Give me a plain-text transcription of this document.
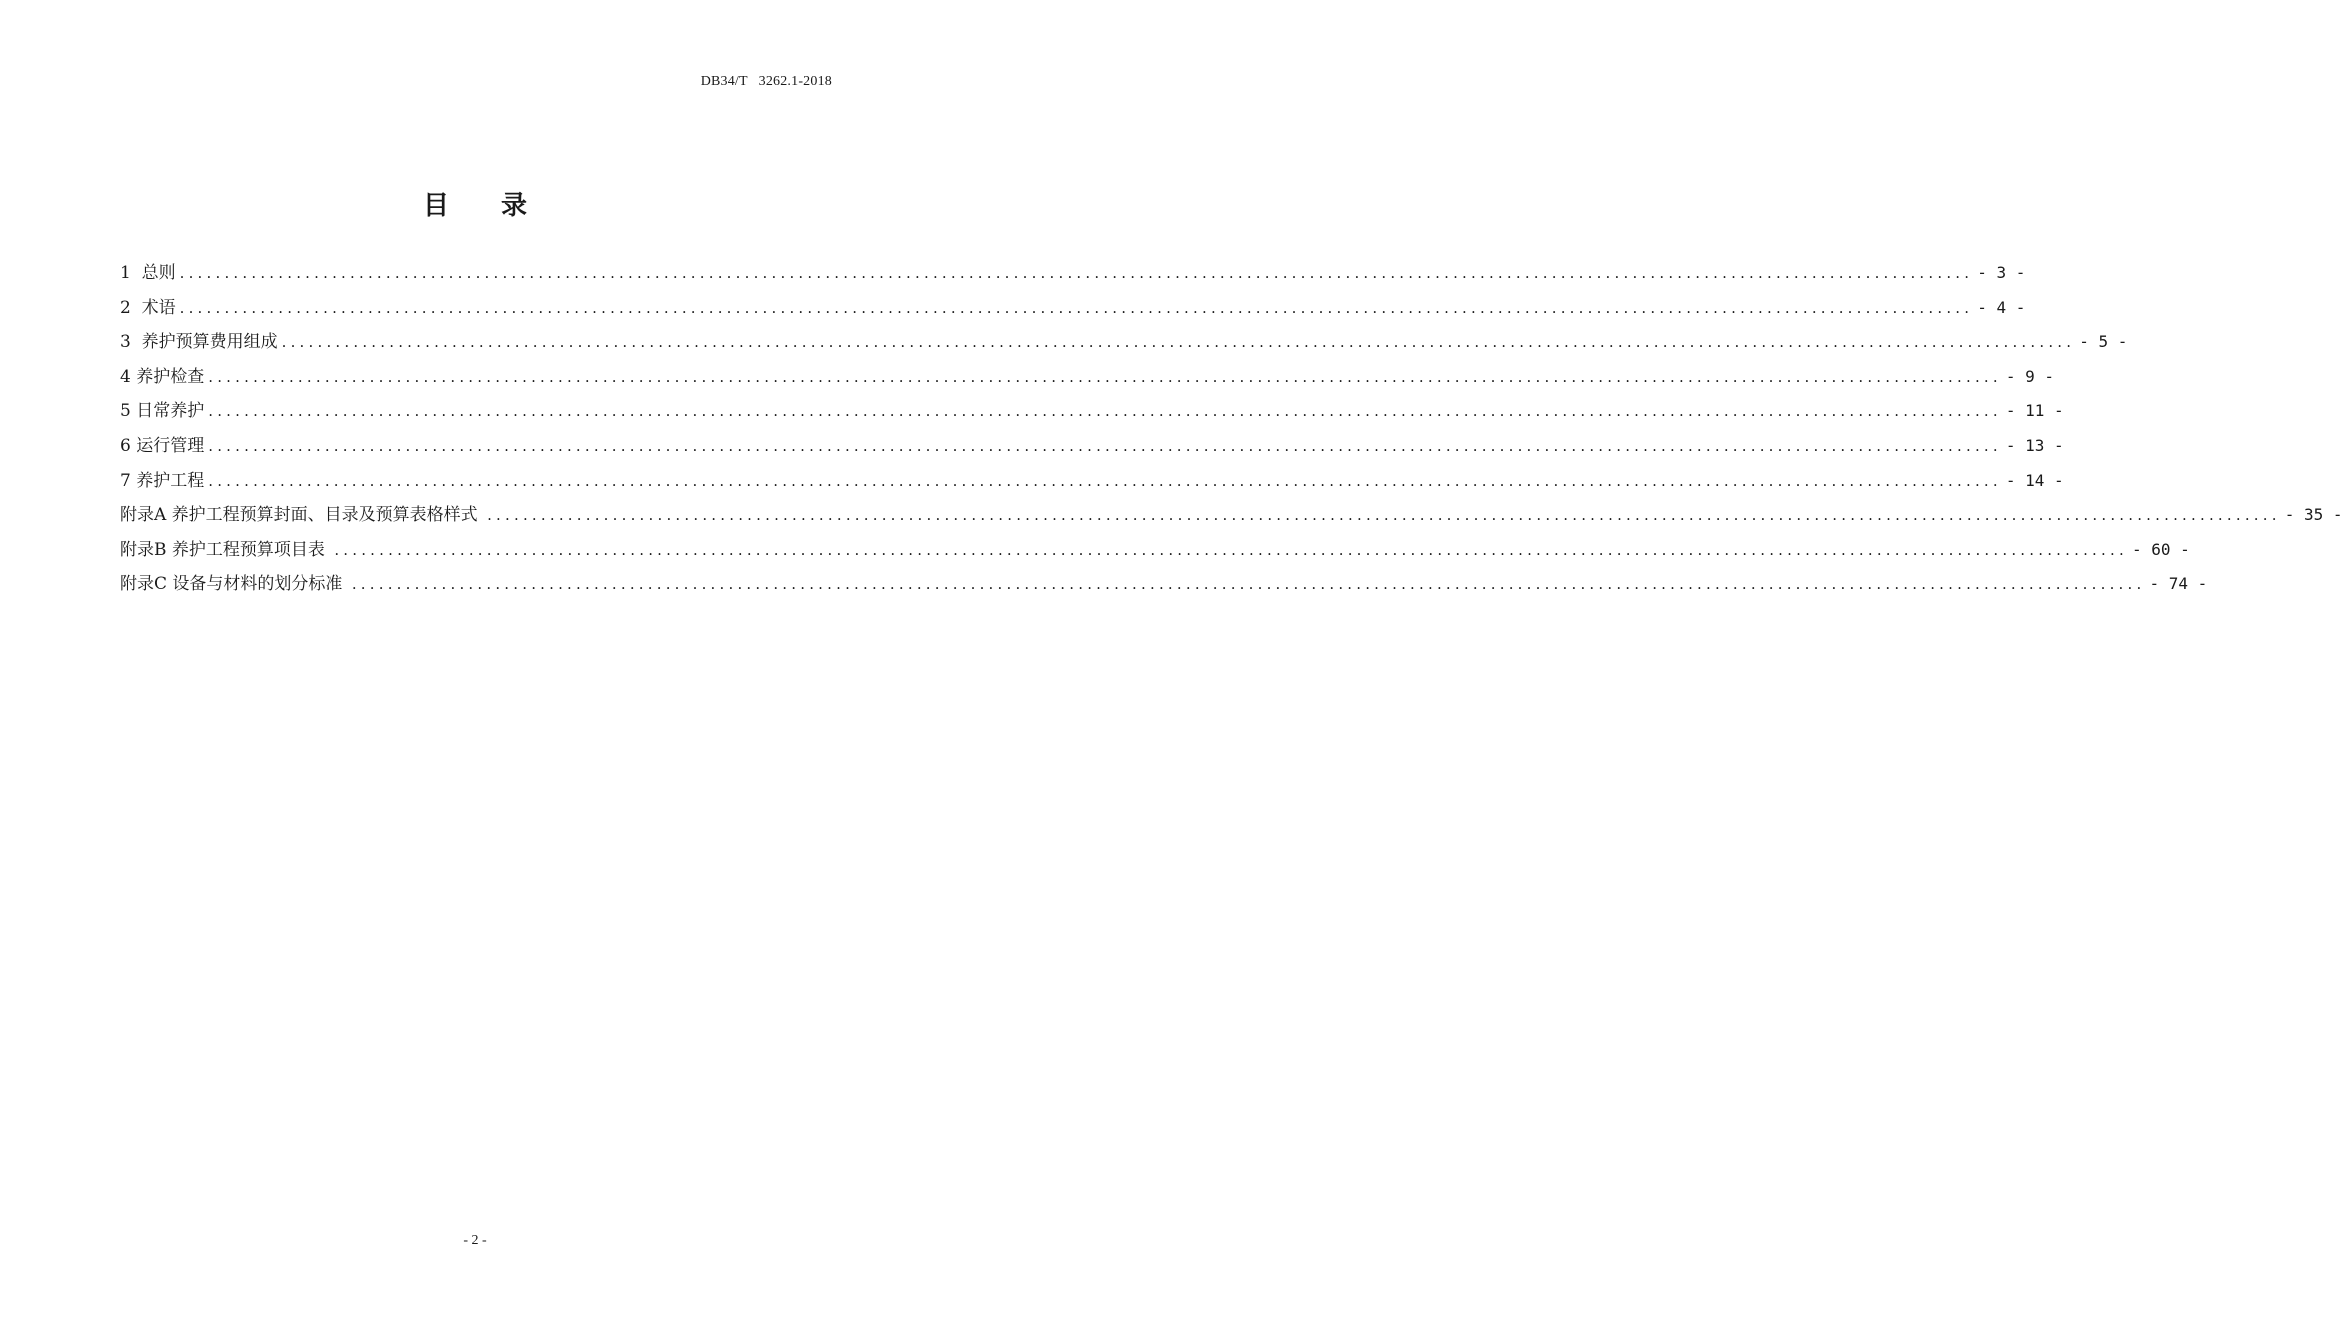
DB34/T   3262.1-2018
目录
1  总则 ........................................................................................................................................................................................................ - 3 -
2  术语 ........................................................................................................................................................................................................ - 4 -
3  养护预算费用组成 ........................................................................................................................................................................................................ - 5 -
4 养护检查 ........................................................................................................................................................................................................ - 9 -
5 日常养护 ........................................................................................................................................................................................................ - 11 -
6 运行管理 ........................................................................................................................................................................................................ - 13 -
7 养护工程 ........................................................................................................................................................................................................ - 14 -
附录A 养护工程预算封面、目录及预算表格样式 ........................................................................................................................................................................................................ - 35 -
附录B 养护工程预算项目表 ........................................................................................................................................................................................................ - 60 -
附录C 设备与材料的划分标准 ........................................................................................................................................................................................................ - 74 -
- 2 -
